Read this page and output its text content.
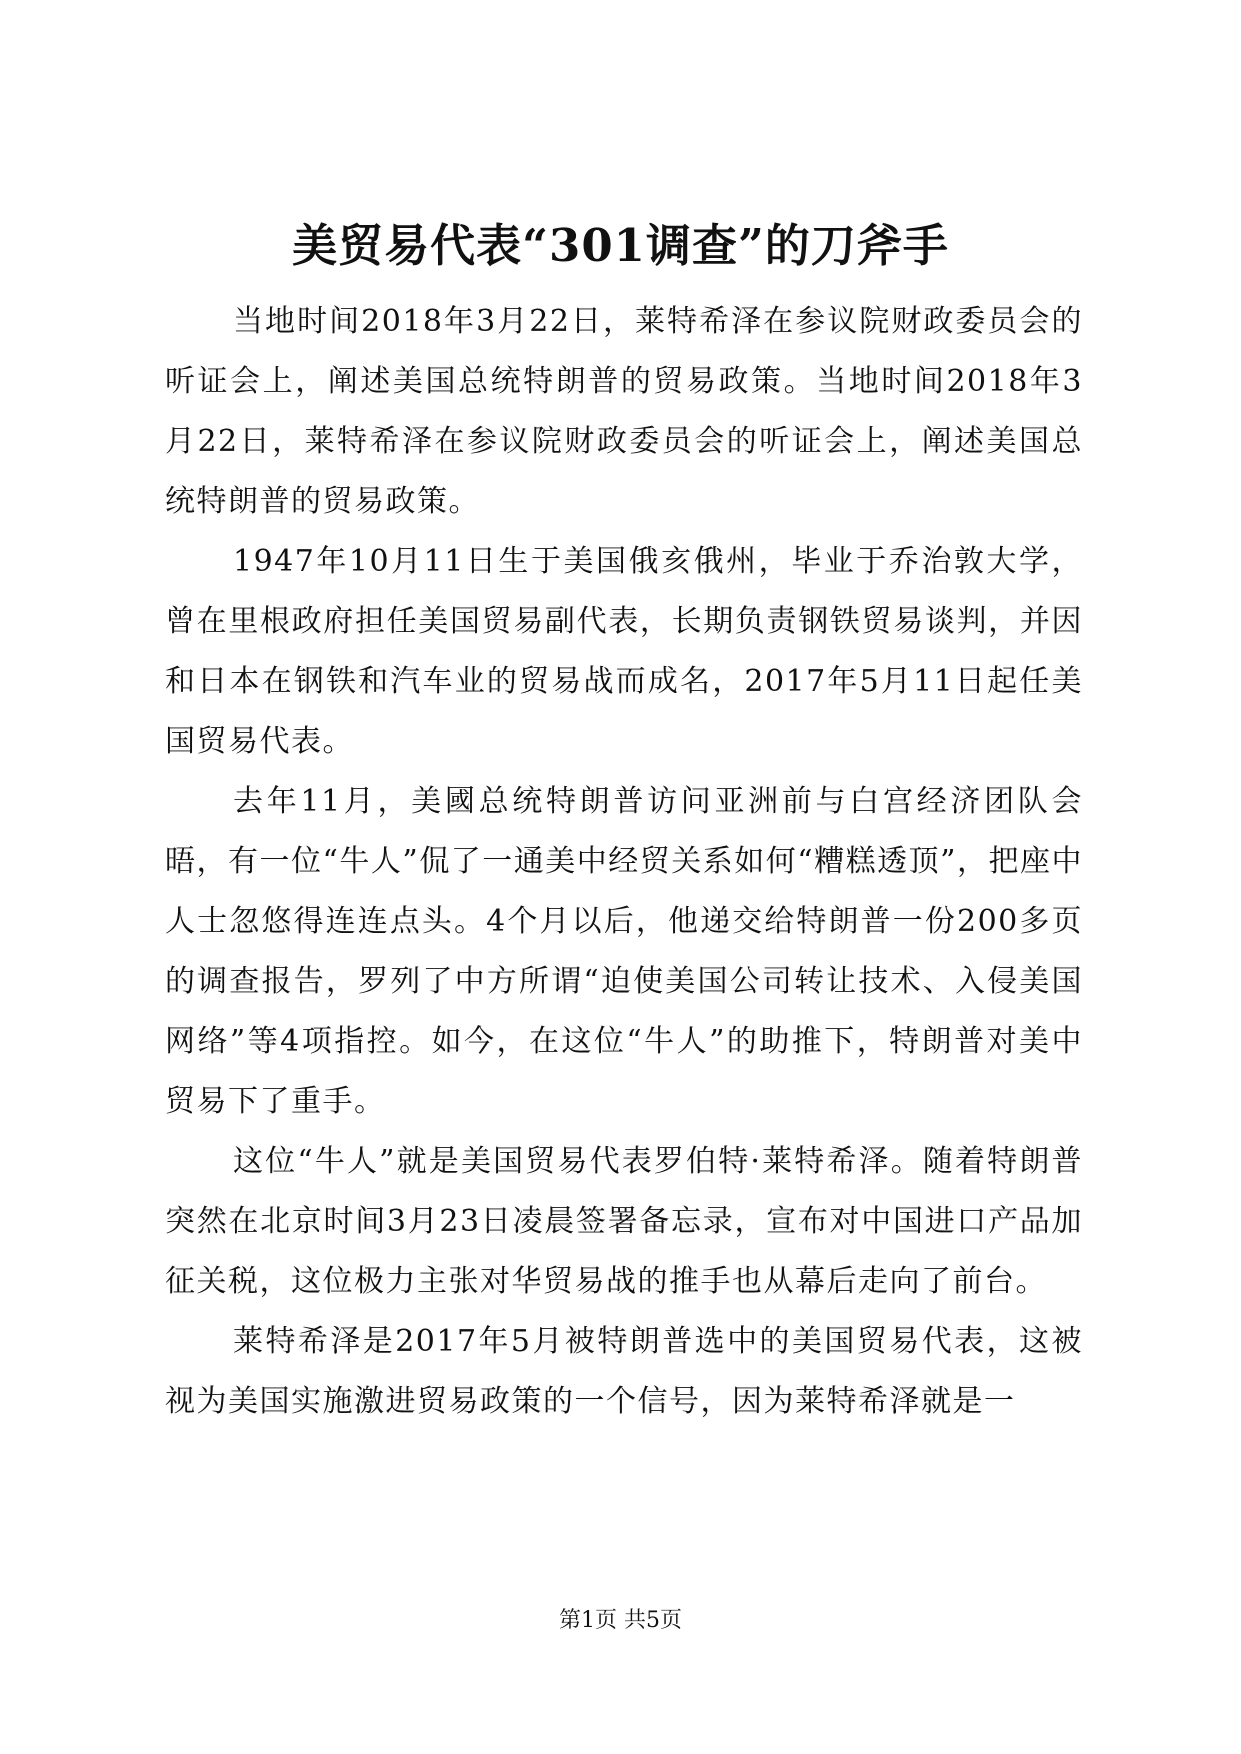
美贸易代表“301调查”的刀斧手

当地时间2018年3月22日，莱特希泽在参议院财政委员会的听证会上，阐述美国总统特朗普的贸易政策。当地时间2018年3月22日，莱特希泽在参议院财政委员会的听证会上，阐述美国总统特朗普的贸易政策。

1947年10月11日生于美国俄亥俄州，毕业于乔治敦大学，曾在里根政府担任美国贸易副代表，长期负责钢铁贸易谈判，并因和日本在钢铁和汽车业的贸易战而成名，2017年5月11日起任美国贸易代表。

去年11月，美國总统特朗普访问亚洲前与白宫经济团队会晤，有一位“牛人”侃了一通美中经贸关系如何“糟糕透顶”，把座中人士忽悠得连连点头。4个月以后，他递交给特朗普一份200多页的调查报告，罗列了中方所谓“迫使美国公司转让技术、入侵美国网络”等4项指控。如今，在这位“牛人”的助推下，特朗普对美中贸易下了重手。

这位“牛人”就是美国贸易代表罗伯特·莱特希泽。随着特朗普突然在北京时间3月23日凌晨签署备忘录，宣布对中国进口产品加征关税，这位极力主张对华贸易战的推手也从幕后走向了前台。

莱特希泽是2017年5月被特朗普选中的美国贸易代表，这被视为美国实施激进贸易政策的一个信号，因为莱特希泽就是一

第1页 共5页
